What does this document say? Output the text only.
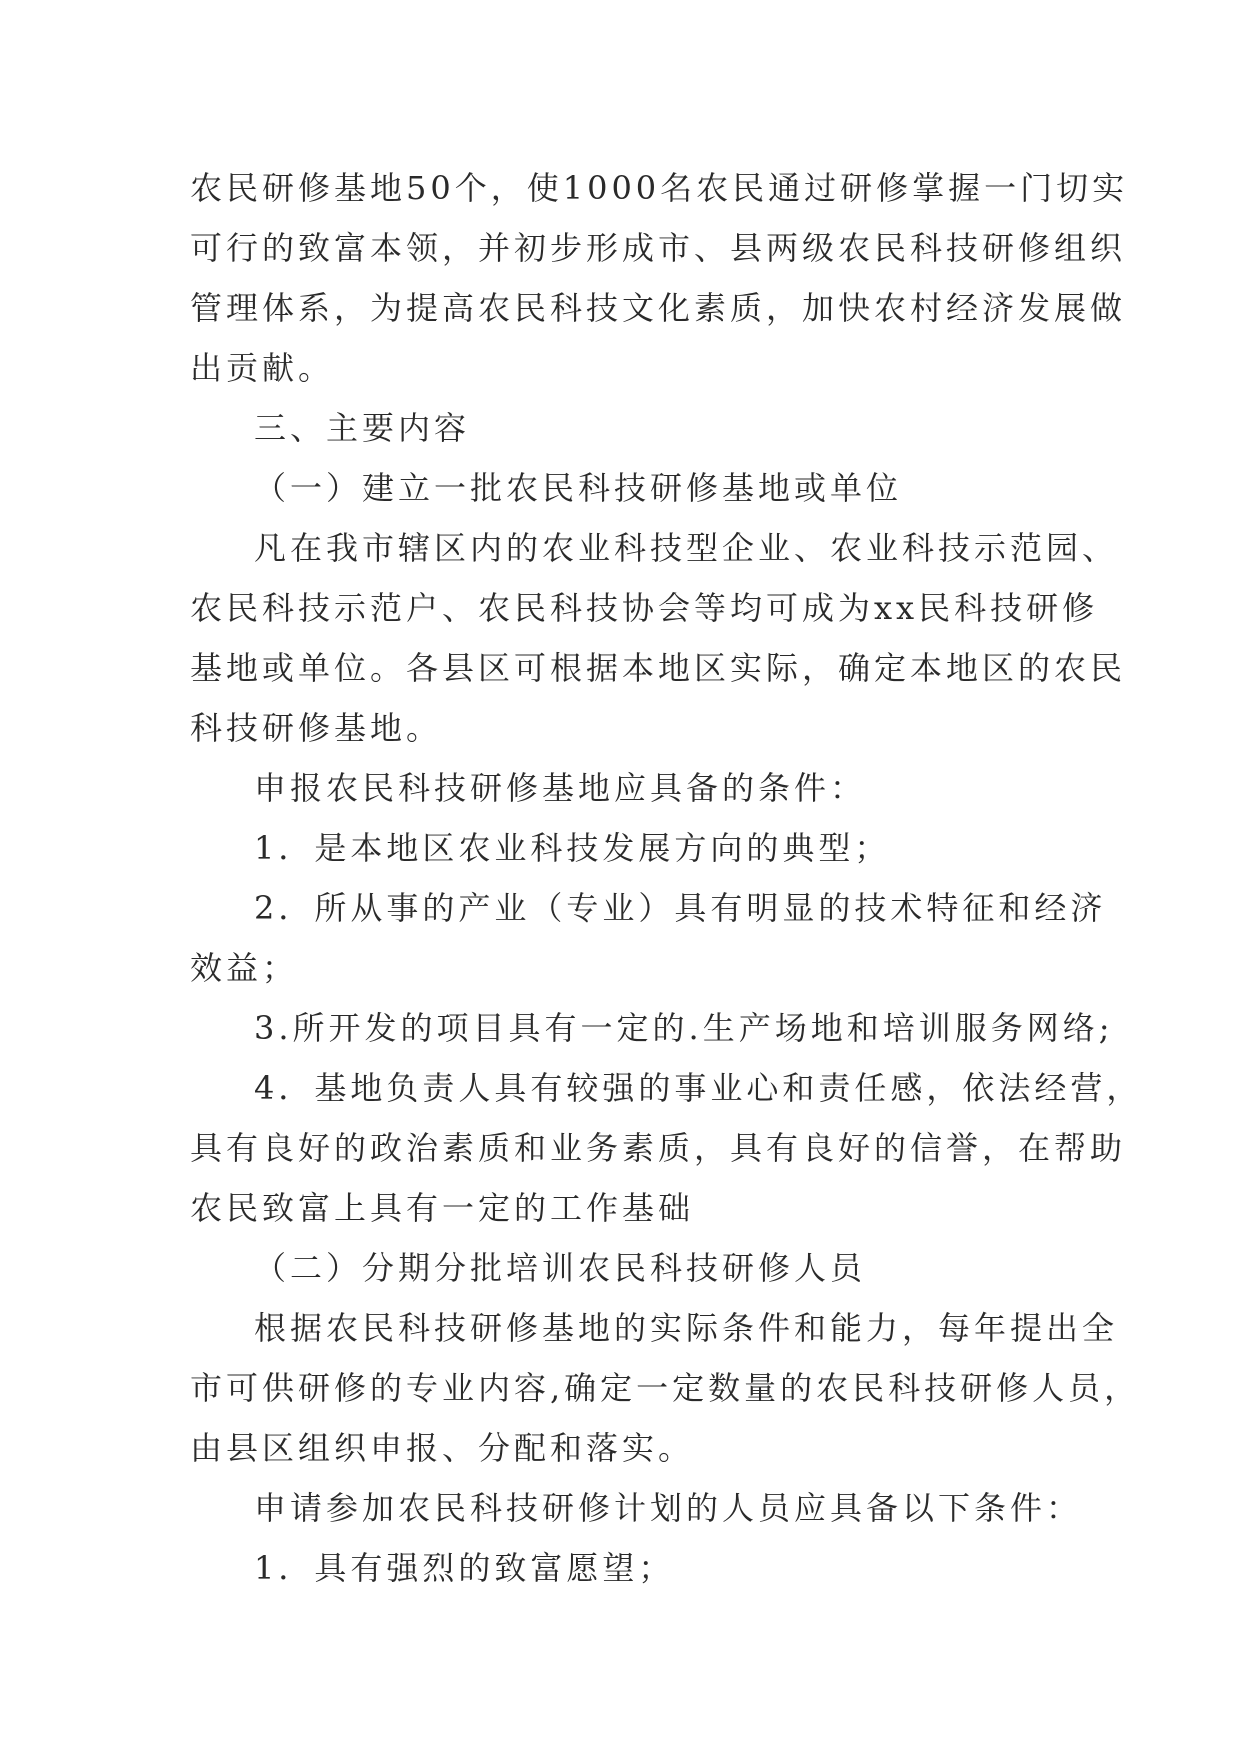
农民研修基地50个，使1000名农民通过研修掌握一门切实
可行的致富本领，并初步形成市、县两级农民科技研修组织
管理体系，为提高农民科技文化素质，加快农村经济发展做
出贡献。
三、主要内容
（一）建立一批农民科技研修基地或单位
凡在我市辖区内的农业科技型企业、农业科技示范园、
农民科技示范户、农民科技协会等均可成为xx民科技研修
基地或单位。各县区可根据本地区实际，确定本地区的农民
科技研修基地。
申报农民科技研修基地应具备的条件：
1．是本地区农业科技发展方向的典型；
2．所从事的产业（专业）具有明显的技术特征和经济
效益；
3.所开发的项目具有一定的.生产场地和培训服务网络;
4．基地负责人具有较强的事业心和责任感，依法经营，
具有良好的政治素质和业务素质，具有良好的信誉，在帮助
农民致富上具有一定的工作基础
（二）分期分批培训农民科技研修人员
根据农民科技研修基地的实际条件和能力，每年提出全
市可供研修的专业内容,确定一定数量的农民科技研修人员，
由县区组织申报、分配和落实。
申请参加农民科技研修计划的人员应具备以下条件：
1．具有强烈的致富愿望；
